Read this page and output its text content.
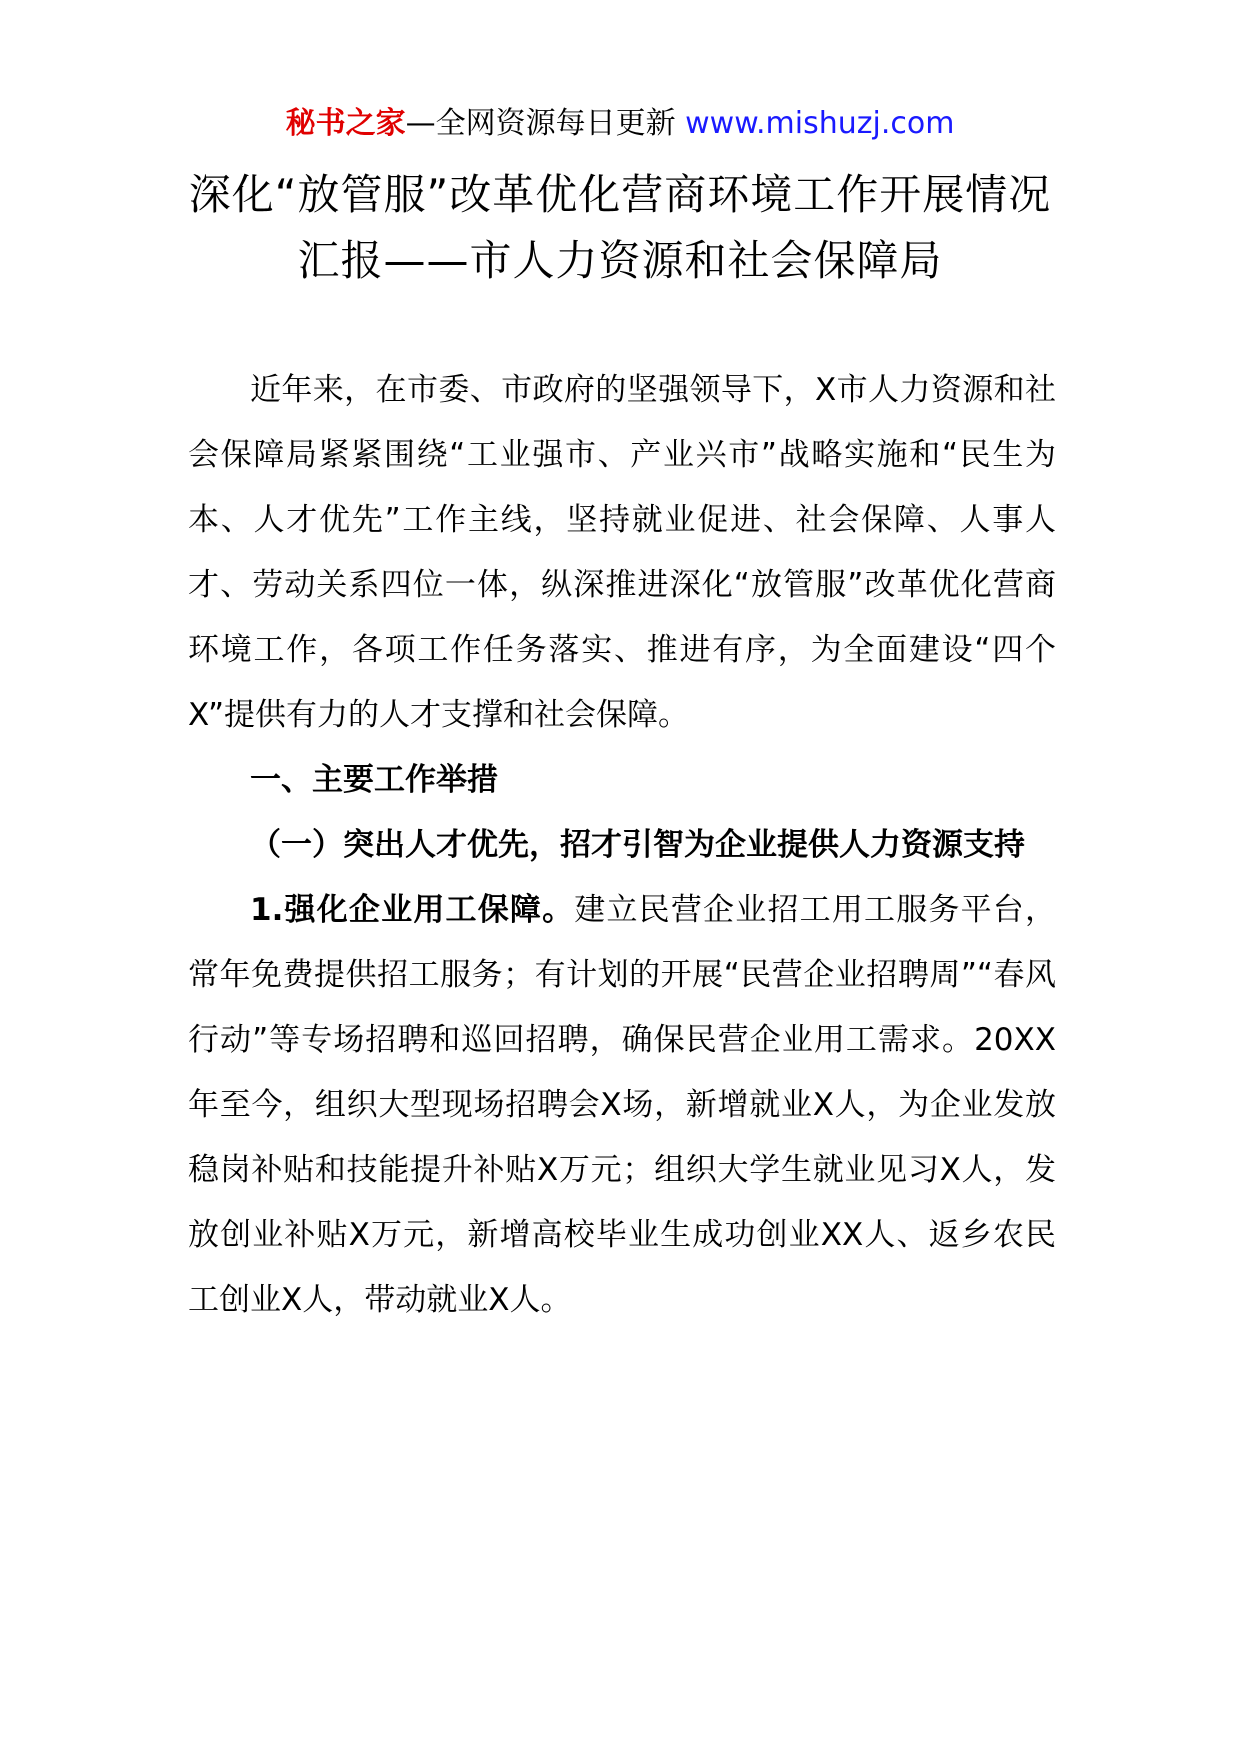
秘书之家—全网资源每日更新 www.mishuzj.com
深化“放管服”改革优化营商环境工作开展情况汇报——市人力资源和社会保障局

近年来，在市委、市政府的坚强领导下，X市人力资源和社会保障局紧紧围绕“工业强市、产业兴市”战略实施和“民生为本、人才优先”工作主线，坚持就业促进、社会保障、人事人才、劳动关系四位一体，纵深推进深化“放管服”改革优化营商环境工作，各项工作任务落实、推进有序，为全面建设“四个X”提供有力的人才支撑和社会保障。

一、主要工作举措

（一）突出人才优先，招才引智为企业提供人力资源支持

1.强化企业用工保障。建立民营企业招工用工服务平台，常年免费提供招工服务；有计划的开展“民营企业招聘周”“春风行动”等专场招聘和巡回招聘，确保民营企业用工需求。20XX年至今，组织大型现场招聘会X场，新增就业X人，为企业发放稳岗补贴和技能提升补贴X万元；组织大学生就业见习X人，发放创业补贴X万元，新增高校毕业生成功创业XX人、返乡农民工创业X人，带动就业X人。
